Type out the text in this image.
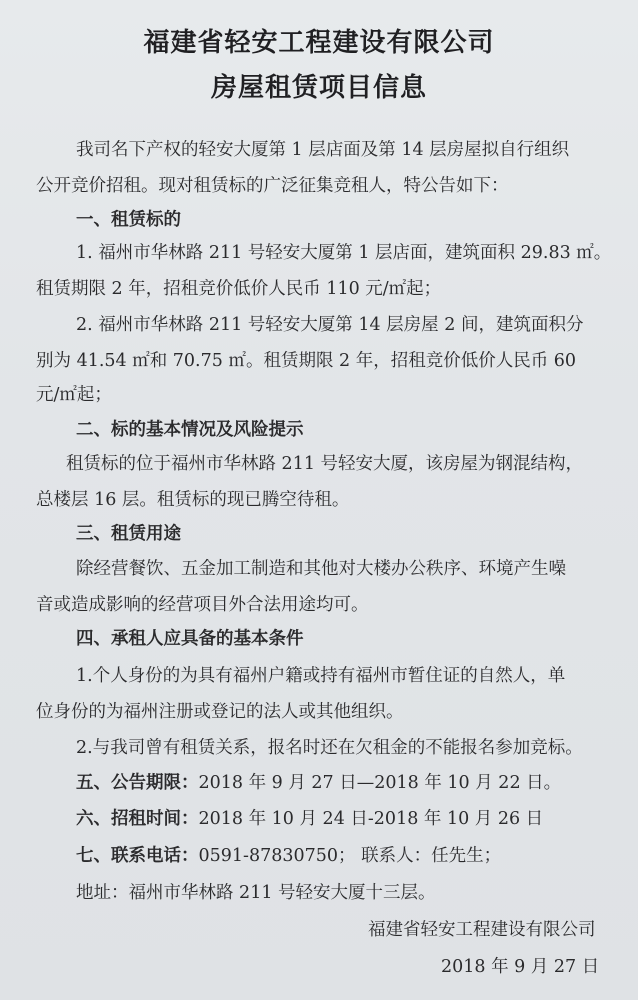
福建省轻安工程建设有限公司
房屋租赁项目信息
我司名下产权的轻安大厦第 1 层店面及第 14 层房屋拟自行组织
公开竞价招租。现对租赁标的广泛征集竞租人，特公告如下：
一、租赁标的
1. 福州市华林路 211 号轻安大厦第 1 层店面，建筑面积 29.83 ㎡。
租赁期限 2 年，招租竞价低价人民币 110 元/㎡起；
2. 福州市华林路 211 号轻安大厦第 14 层房屋 2 间，建筑面积分
别为 41.54 ㎡和 70.75 ㎡。租赁期限 2 年，招租竞价低价人民币 60
元/㎡起；
二、标的基本情况及风险提示
租赁标的位于福州市华林路 211 号轻安大厦，该房屋为钢混结构，
总楼层 16 层。租赁标的现已腾空待租。
三、租赁用途
除经营餐饮、五金加工制造和其他对大楼办公秩序、环境产生噪
音或造成影响的经营项目外合法用途均可。
四、承租人应具备的基本条件
1.个人身份的为具有福州户籍或持有福州市暂住证的自然人，单
位身份的为福州注册或登记的法人或其他组织。
2.与我司曾有租赁关系，报名时还在欠租金的不能报名参加竞标。
五、公告期限：2018 年 9 月 27 日—2018 年 10 月 22 日。
六、招租时间：2018 年 10 月 24 日-2018 年 10 月 26 日
七、联系电话：0591-87830750； 联系人：任先生；
地址：福州市华林路 211 号轻安大厦十三层。
福建省轻安工程建设有限公司
2018 年 9 月 27 日
